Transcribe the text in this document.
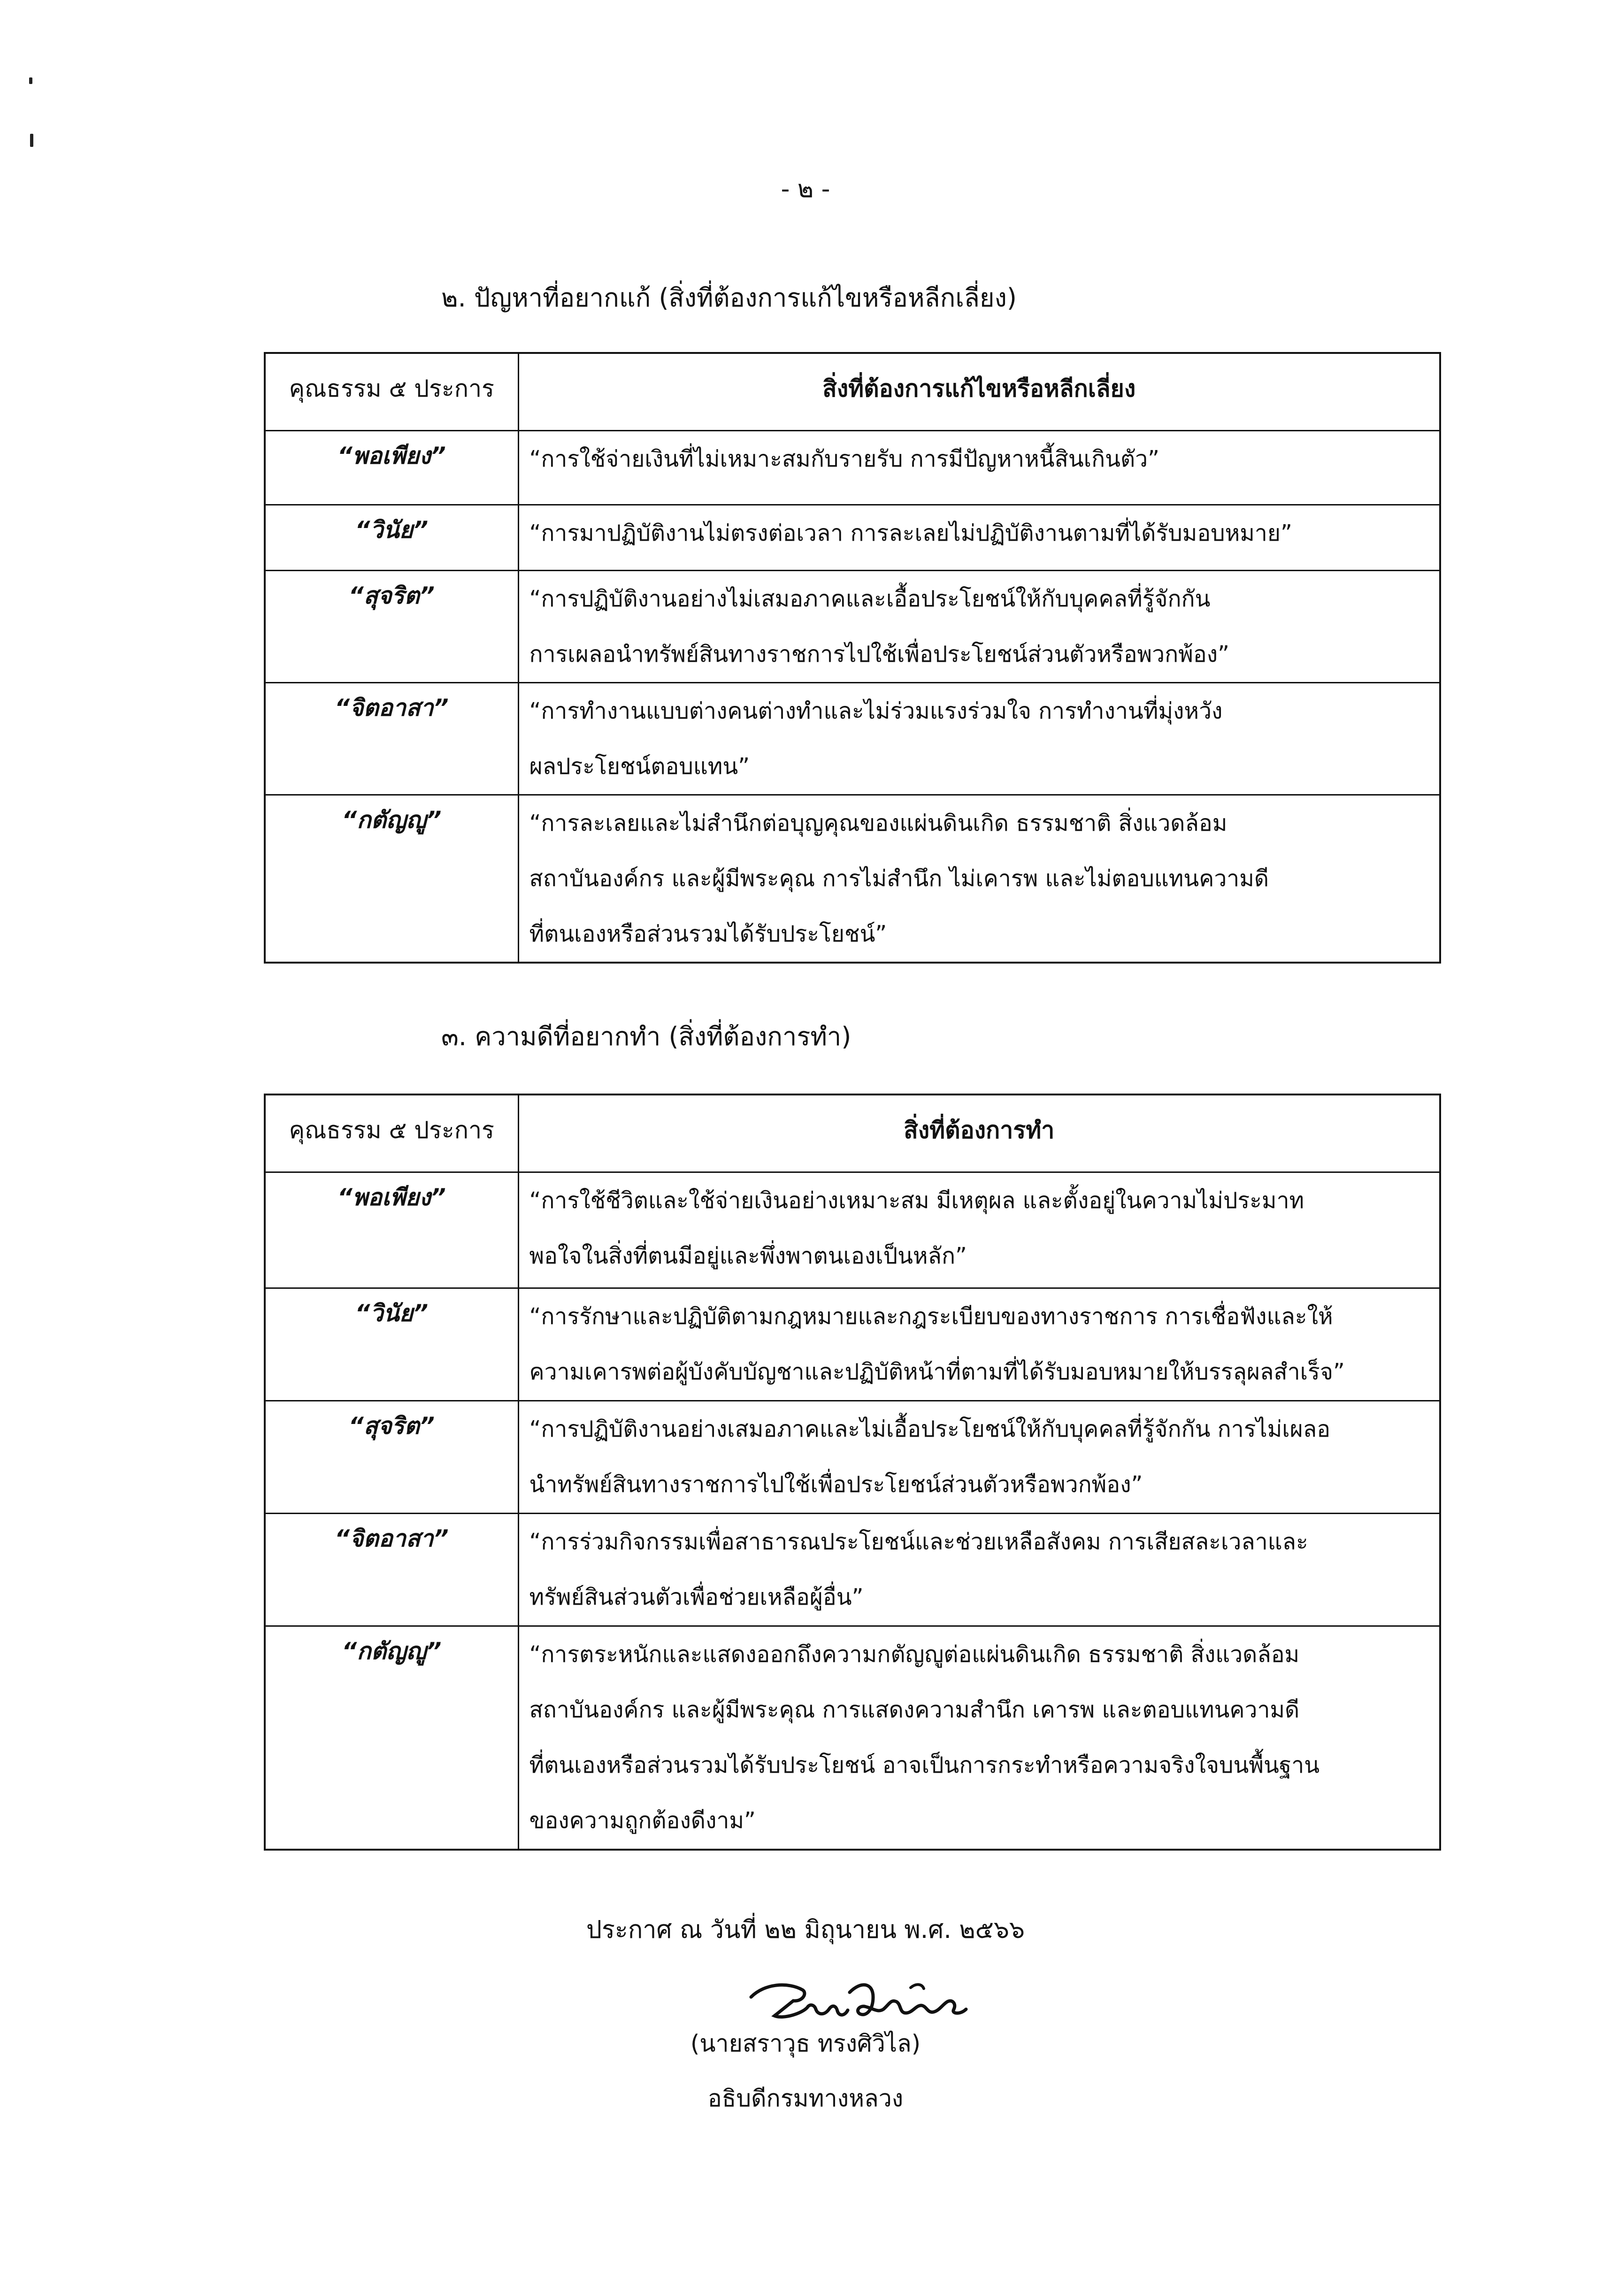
- ๒ -
๒. ปัญหาที่อยากแก้ (สิ่งที่ต้องการแก้ไขหรือหลีกเลี่ยง)
คุณธรรม ๕ ประการ	สิ่งที่ต้องการแก้ไขหรือหลีกเลี่ยง
“พอเพียง”	“การใช้จ่ายเงินที่ไม่เหมาะสมกับรายรับ การมีปัญหาหนี้สินเกินตัว”
“วินัย”	“การมาปฏิบัติงานไม่ตรงต่อเวลา การละเลยไม่ปฏิบัติงานตามที่ได้รับมอบหมาย”
“สุจริต”	“การปฏิบัติงานอย่างไม่เสมอภาคและเอื้อประโยชน์ให้กับบุคคลที่รู้จักกัน
การเผลอนำทรัพย์สินทางราชการไปใช้เพื่อประโยชน์ส่วนตัวหรือพวกพ้อง”
“จิตอาสา”	“การทำงานแบบต่างคนต่างทำและไม่ร่วมแรงร่วมใจ การทำงานที่มุ่งหวัง
ผลประโยชน์ตอบแทน”
“กตัญญู”	“การละเลยและไม่สำนึกต่อบุญคุณของแผ่นดินเกิด ธรรมชาติ สิ่งแวดล้อม
สถาบันองค์กร และผู้มีพระคุณ การไม่สำนึก ไม่เคารพ และไม่ตอบแทนความดี
ที่ตนเองหรือส่วนรวมได้รับประโยชน์”
๓. ความดีที่อยากทำ (สิ่งที่ต้องการทำ)
คุณธรรม ๕ ประการ	สิ่งที่ต้องการทำ
“พอเพียง”	“การใช้ชีวิตและใช้จ่ายเงินอย่างเหมาะสม มีเหตุผล และตั้งอยู่ในความไม่ประมาท
พอใจในสิ่งที่ตนมีอยู่และพึ่งพาตนเองเป็นหลัก”
“วินัย”	“การรักษาและปฏิบัติตามกฎหมายและกฎระเบียบของทางราชการ การเชื่อฟังและให้
ความเคารพต่อผู้บังคับบัญชาและปฏิบัติหน้าที่ตามที่ได้รับมอบหมายให้บรรลุผลสำเร็จ”
“สุจริต”	“การปฏิบัติงานอย่างเสมอภาคและไม่เอื้อประโยชน์ให้กับบุคคลที่รู้จักกัน การไม่เผลอ
นำทรัพย์สินทางราชการไปใช้เพื่อประโยชน์ส่วนตัวหรือพวกพ้อง”
“จิตอาสา”	“การร่วมกิจกรรมเพื่อสาธารณประโยชน์และช่วยเหลือสังคม การเสียสละเวลาและ
ทรัพย์สินส่วนตัวเพื่อช่วยเหลือผู้อื่น”
“กตัญญู”	“การตระหนักและแสดงออกถึงความกตัญญูต่อแผ่นดินเกิด ธรรมชาติ สิ่งแวดล้อม
สถาบันองค์กร และผู้มีพระคุณ การแสดงความสำนึก เคารพ และตอบแทนความดี
ที่ตนเองหรือส่วนรวมได้รับประโยชน์ อาจเป็นการกระทำหรือความจริงใจบนพื้นฐาน
ของความถูกต้องดีงาม”
ประกาศ ณ วันที่ ๒๒ มิถุนายน พ.ศ. ๒๕๖๖
(นายสราวุธ ทรงศิวิไล)
อธิบดีกรมทางหลวง
